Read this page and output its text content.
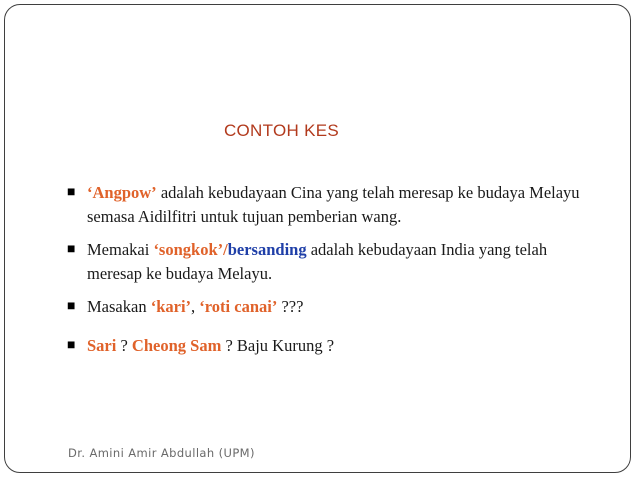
CONTOH KES
■ ‘Angpow’ adalah kebudayaan Cina yang telah meresap ke budaya Melayu semasa Aidilfitri untuk tujuan pemberian wang.
■ Memakai ‘songkok’/bersanding adalah kebudayaan India yang telah meresap ke budaya Melayu.
■ Masakan ‘kari’, ‘roti canai’ ???
■ Sari ? Cheong Sam ? Baju Kurung ?
Dr. Amini Amir Abdullah (UPM)
